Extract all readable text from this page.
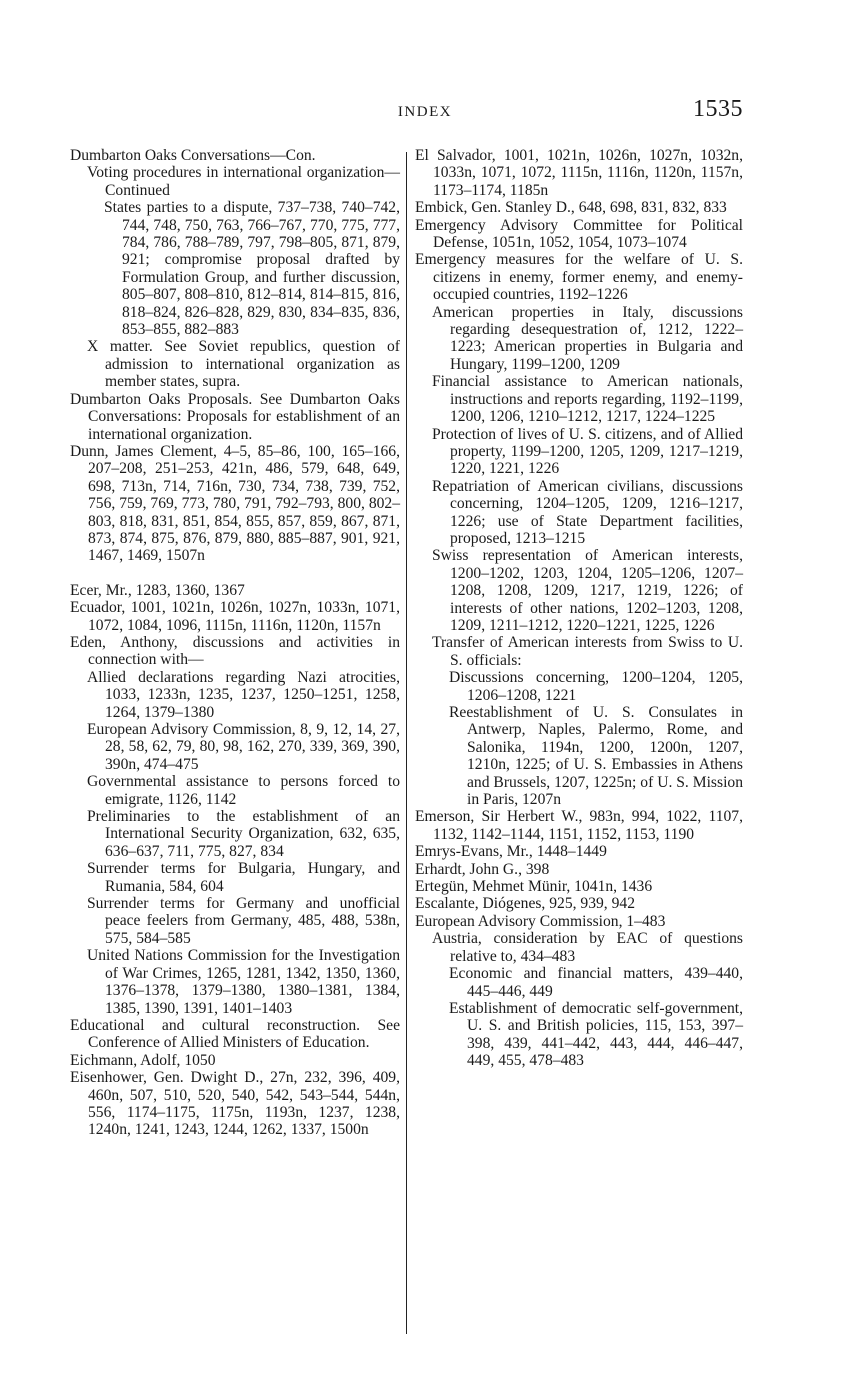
INDEX	1535
Dumbarton Oaks Conversations—Con.
Voting procedures in international organization—Continued
States parties to a dispute, 737–738, 740–742, 744, 748, 750, 763, 766–767, 770, 775, 777, 784, 786, 788–789, 797, 798–805, 871, 879, 921; compromise proposal drafted by Formulation Group, and further discussion, 805–807, 808–810, 812–814, 814–815, 816, 818–824, 826–828, 829, 830, 834–835, 836, 853–855, 882–883
X matter. See Soviet republics, question of admission to international organization as member states, supra.
Dumbarton Oaks Proposals. See Dumbarton Oaks Conversations: Proposals for establishment of an international organization.
Dunn, James Clement, 4–5, 85–86, 100, 165–166, 207–208, 251–253, 421n, 486, 579, 648, 649, 698, 713n, 714, 716n, 730, 734, 738, 739, 752, 756, 759, 769, 773, 780, 791, 792–793, 800, 802–803, 818, 831, 851, 854, 855, 857, 859, 867, 871, 873, 874, 875, 876, 879, 880, 885–887, 901, 921, 1467, 1469, 1507n
Ecer, Mr., 1283, 1360, 1367
Ecuador, 1001, 1021n, 1026n, 1027n, 1033n, 1071, 1072, 1084, 1096, 1115n, 1116n, 1120n, 1157n
Eden, Anthony, discussions and activities in connection with—
Allied declarations regarding Nazi atrocities, 1033, 1233n, 1235, 1237, 1250–1251, 1258, 1264, 1379–1380
European Advisory Commission, 8, 9, 12, 14, 27, 28, 58, 62, 79, 80, 98, 162, 270, 339, 369, 390, 390n, 474–475
Governmental assistance to persons forced to emigrate, 1126, 1142
Preliminaries to the establishment of an International Security Organization, 632, 635, 636–637, 711, 775, 827, 834
Surrender terms for Bulgaria, Hungary, and Rumania, 584, 604
Surrender terms for Germany and unofficial peace feelers from Germany, 485, 488, 538n, 575, 584–585
United Nations Commission for the Investigation of War Crimes, 1265, 1281, 1342, 1350, 1360, 1376–1378, 1379–1380, 1380–1381, 1384, 1385, 1390, 1391, 1401–1403
Educational and cultural reconstruction. See Conference of Allied Ministers of Education.
Eichmann, Adolf, 1050
Eisenhower, Gen. Dwight D., 27n, 232, 396, 409, 460n, 507, 510, 520, 540, 542, 543–544, 544n, 556, 1174–1175, 1175n, 1193n, 1237, 1238, 1240n, 1241, 1243, 1244, 1262, 1337, 1500n
El Salvador, 1001, 1021n, 1026n, 1027n, 1032n, 1033n, 1071, 1072, 1115n, 1116n, 1120n, 1157n, 1173–1174, 1185n
Embick, Gen. Stanley D., 648, 698, 831, 832, 833
Emergency Advisory Committee for Political Defense, 1051n, 1052, 1054, 1073–1074
Emergency measures for the welfare of U. S. citizens in enemy, former enemy, and enemy-occupied countries, 1192–1226
American properties in Italy, discussions regarding desequestration of, 1212, 1222–1223; American properties in Bulgaria and Hungary, 1199–1200, 1209
Financial assistance to American nationals, instructions and reports regarding, 1192–1199, 1200, 1206, 1210–1212, 1217, 1224–1225
Protection of lives of U. S. citizens, and of Allied property, 1199–1200, 1205, 1209, 1217–1219, 1220, 1221, 1226
Repatriation of American civilians, discussions concerning, 1204–1205, 1209, 1216–1217, 1226; use of State Department facilities, proposed, 1213–1215
Swiss representation of American interests, 1200–1202, 1203, 1204, 1205–1206, 1207–1208, 1208, 1209, 1217, 1219, 1226; of interests of other nations, 1202–1203, 1208, 1209, 1211–1212, 1220–1221, 1225, 1226
Transfer of American interests from Swiss to U. S. officials:
Discussions concerning, 1200–1204, 1205, 1206–1208, 1221
Reestablishment of U. S. Consulates in Antwerp, Naples, Palermo, Rome, and Salonika, 1194n, 1200, 1200n, 1207, 1210n, 1225; of U. S. Embassies in Athens and Brussels, 1207, 1225n; of U. S. Mission in Paris, 1207n
Emerson, Sir Herbert W., 983n, 994, 1022, 1107, 1132, 1142–1144, 1151, 1152, 1153, 1190
Emrys-Evans, Mr., 1448–1449
Erhardt, John G., 398
Ertegün, Mehmet Münir, 1041n, 1436
Escalante, Diógenes, 925, 939, 942
European Advisory Commission, 1–483
Austria, consideration by EAC of questions relative to, 434–483
Economic and financial matters, 439–440, 445–446, 449
Establishment of democratic self-government, U. S. and British policies, 115, 153, 397–398, 439, 441–442, 443, 444, 446–447, 449, 455, 478–483
